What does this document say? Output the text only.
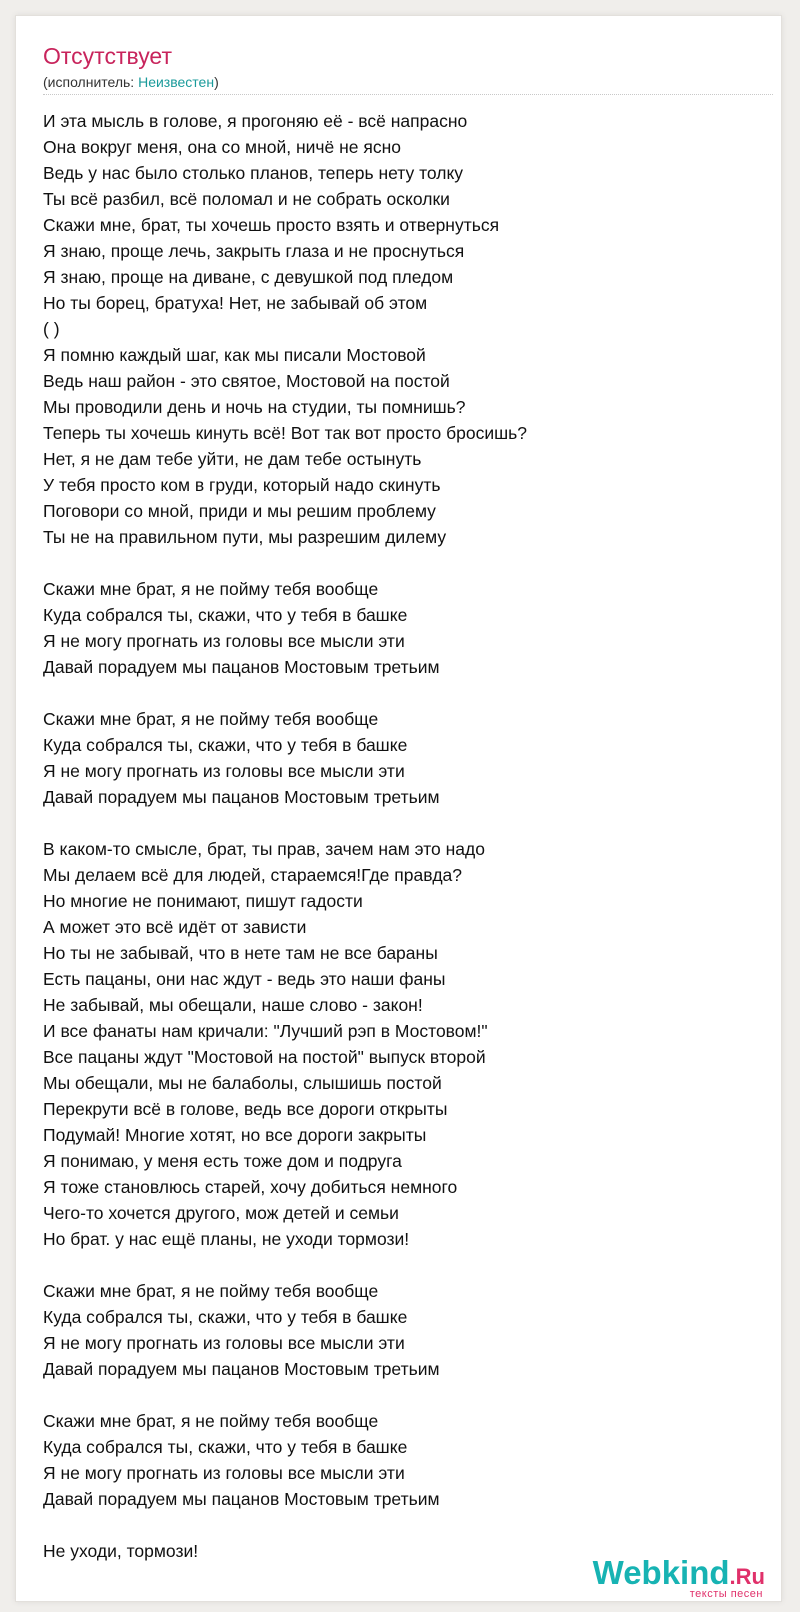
Отсутствует
(исполнитель: Неизвестен)
И эта мысль в голове, я прогоняю её - всё напрасно
Она вокруг меня, она со мной, ничё не ясно
Ведь у нас было столько планов, теперь нету толку
Ты всё разбил, всё поломал и не собрать осколки
Скажи мне, брат, ты хочешь просто взять и отвернуться
Я знаю, проще лечь, закрыть глаза и не проснуться
Я знаю, проще на диване, с девушкой под пледом
Но ты борец, братуха! Нет, не забывай об этом
( )
Я помню каждый шаг, как мы писали Мостовой
Ведь наш район - это святое, Мостовой на постой
Мы проводили день и ночь на студии, ты помнишь?
Теперь ты хочешь кинуть всё! Вот так вот просто бросишь?
Нет, я не дам тебе уйти, не дам тебе остынуть
У тебя просто ком в груди, который надо скинуть
Поговори со мной, приди и мы решим проблему
Ты не на правильном пути, мы разрешим дилему
Скажи мне брат, я не пойму тебя вообще
Куда собрался ты, скажи, что у тебя в башке
Я не могу прогнать из головы все мысли эти
Давай порадуем мы пацанов Мостовым третьим
Скажи мне брат, я не пойму тебя вообще
Куда собрался ты, скажи, что у тебя в башке
Я не могу прогнать из головы все мысли эти
Давай порадуем мы пацанов Мостовым третьим
В каком-то смысле, брат, ты прав, зачем нам это надо
Мы делаем всё для людей, стараемся!Где правда?
Но многие не понимают, пишут гадости
А может это всё идёт от зависти
Но ты не забывай, что в нете там не все бараны
Есть пацаны, они нас ждут - ведь это наши фаны
Не забывай, мы обещали, наше слово - закон!
И все фанаты нам кричали: "Лучший рэп в Мостовом!"
Все пацаны ждут "Мостовой на постой" выпуск второй
Мы обещали, мы не балаболы, слышишь постой
Перекрути всё в голове, ведь все дороги открыты
Подумай! Многие хотят, но все дороги закрыты
Я понимаю, у меня есть тоже дом и подруга
Я тоже становлюсь старей, хочу добиться немного
Чего-то хочется другого, мож детей и семьи
Но брат. у нас ещё планы, не уходи тормози!
Скажи мне брат, я не пойму тебя вообще
Куда собрался ты, скажи, что у тебя в башке
Я не могу прогнать из головы все мысли эти
Давай порадуем мы пацанов Мостовым третьим
Скажи мне брат, я не пойму тебя вообще
Куда собрался ты, скажи, что у тебя в башке
Я не могу прогнать из головы все мысли эти
Давай порадуем мы пацанов Мостовым третьим
Не уходи, тормози!
Webkind.Ru
тексты песен
